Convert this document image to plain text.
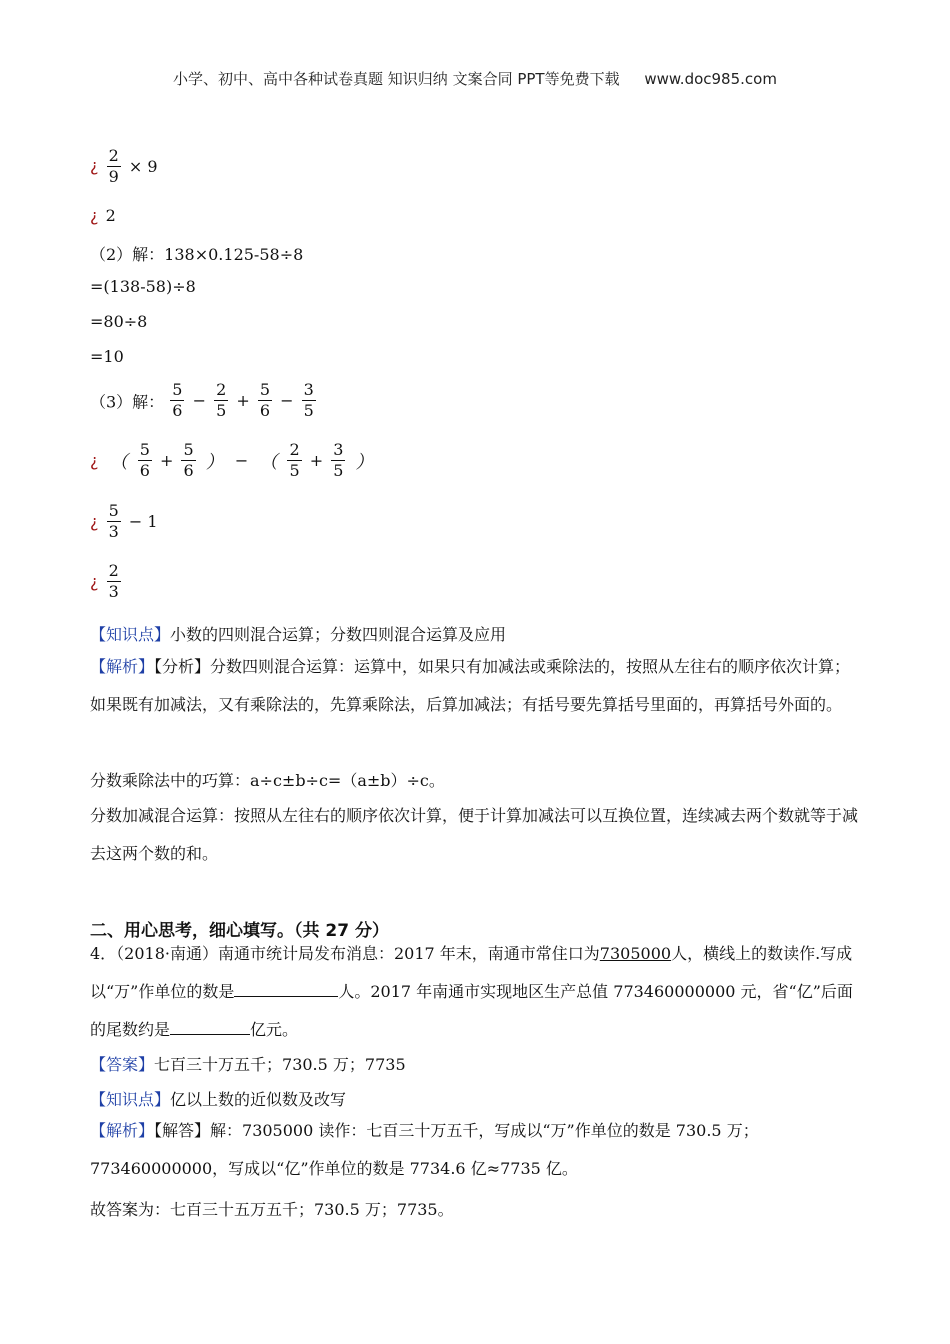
小学、初中、高中各种试卷真题 知识归纳 文案合同 PPT等免费下载 www.doc985.com
¿ $\frac{2}{9} \times 9$
¿ 2
（2）解：138×0.125-58÷8
=(138-58)÷8
=80÷8
=10
（3）解： $\frac{5}{6} - \frac{2}{5} + \frac{5}{6} - \frac{3}{5}$
¿ （ $\frac{5}{6} + \frac{5}{6}$ ） − （ $\frac{2}{5} + \frac{3}{5}$ ）
¿ $\frac{5}{3} - 1$
¿ $\frac{2}{3}$
【知识点】小数的四则混合运算；分数四则混合运算及应用
【解析】【分析】分数四则混合运算：运算中，如果只有加减法或乘除法的，按照从左往右的顺序依次计算；如果既有加减法，又有乘除法的，先算乘除法，后算加减法；有括号要先算括号里面的，再算括号外面的。
分数乘除法中的巧算：a÷c±b÷c=（a±b）÷c。
分数加减混合运算：按照从左往右的顺序依次计算，便于计算加减法可以互换位置，连续减去两个数就等于减去这两个数的和。
二、用心思考，细心填写。（共 27 分）
4．（2018·南通）南通市统计局发布消息：2017 年末，南通市常住口为7305000人，横线上的数读作.写成以“万”作单位的数是	人。2017 年南通市实现地区生产总值 773460000000 元，省“亿”后面的尾数约是	亿元。
【答案】七百三十万五千；730.5 万；7735
【知识点】亿以上数的近似数及改写
【解析】【解答】解：7305000 读作：七百三十万五千，写成以“万”作单位的数是 730.5 万；773460000000，写成以“亿”作单位的数是 7734.6 亿≈7735 亿。
故答案为：七百三十五万五千；730.5 万；7735。
